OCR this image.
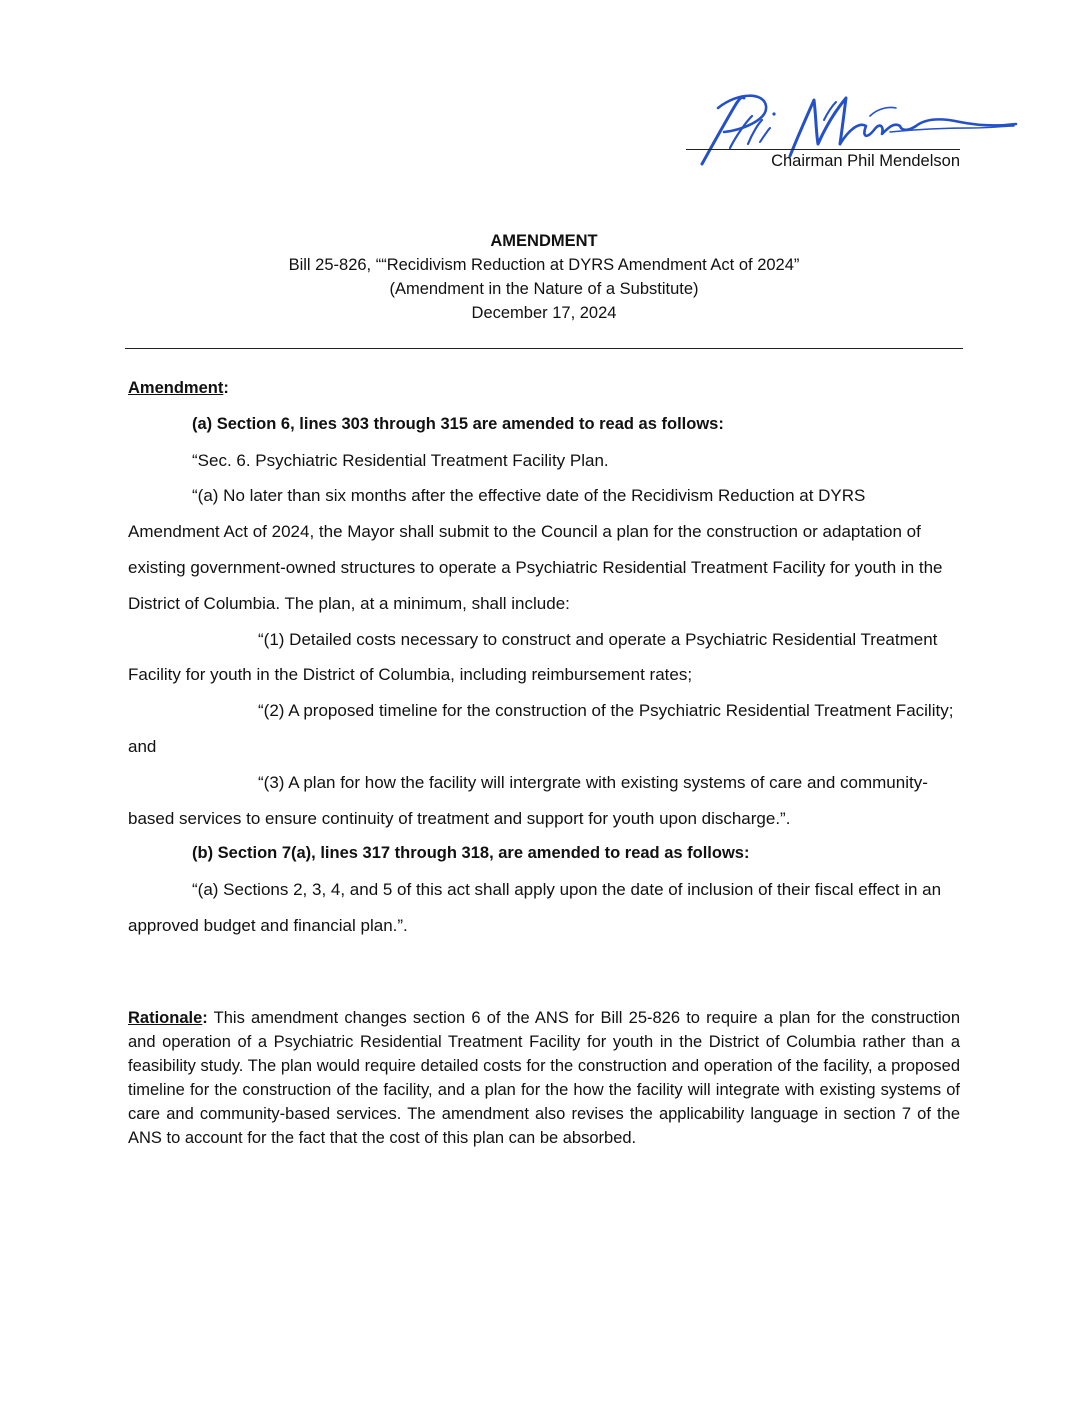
Chairman Phil Mendelson
AMENDMENT
Bill 25-826, ““Recidivism Reduction at DYRS Amendment Act of 2024”
(Amendment in the Nature of a Substitute)
December 17, 2024

Amendment:

(a) Section 6, lines 303 through 315 are amended to read as follows:

“Sec. 6. Psychiatric Residential Treatment Facility Plan.

“(a) No later than six months after the effective date of the Recidivism Reduction at DYRS Amendment Act of 2024, the Mayor shall submit to the Council a plan for the construction or adaptation of existing government-owned structures to operate a Psychiatric Residential Treatment Facility for youth in the District of Columbia. The plan, at a minimum, shall include:

“(1) Detailed costs necessary to construct and operate a Psychiatric Residential Treatment Facility for youth in the District of Columbia, including reimbursement rates;

“(2) A proposed timeline for the construction of the Psychiatric Residential Treatment Facility; and

“(3) A plan for how the facility will intergrate with existing systems of care and community-based services to ensure continuity of treatment and support for youth upon discharge.”.

(b) Section 7(a), lines 317 through 318, are amended to read as follows:

“(a) Sections 2, 3, 4, and 5 of this act shall apply upon the date of inclusion of their fiscal effect in an approved budget and financial plan.”.

Rationale: This amendment changes section 6 of the ANS for Bill 25-826 to require a plan for the construction and operation of a Psychiatric Residential Treatment Facility for youth in the District of Columbia rather than a feasibility study. The plan would require detailed costs for the construction and operation of the facility, a proposed timeline for the construction of the facility, and a plan for the how the facility will integrate with existing systems of care and community-based services. The amendment also revises the applicability language in section 7 of the ANS to account for the fact that the cost of this plan can be absorbed.
